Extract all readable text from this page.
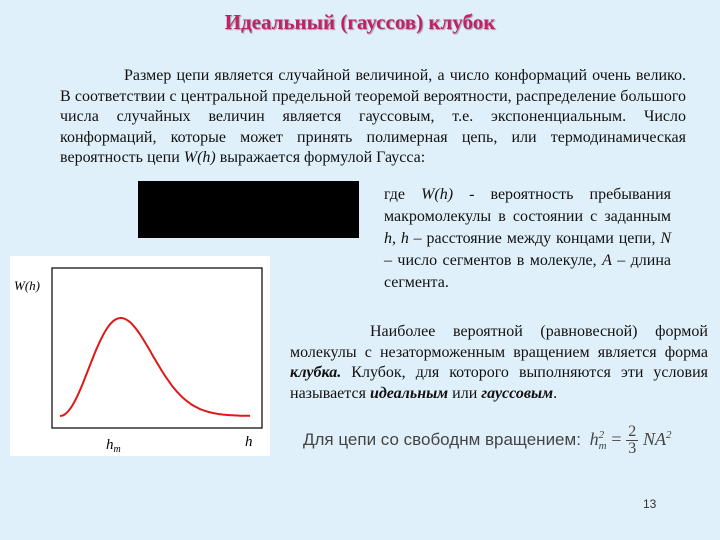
Идеальный (гауссов) клубок
Размер цепи является случайной величиной, а число конформаций очень велико. В соответствии с центральной предельной теоремой вероятности, распределение большого числа случайных величин является гауссовым, т.е. экспоненциальным. Число конформаций, которые может принять полимерная цепь, или термодинамическая вероятность цепи W(h) выражается формулой Гаусса:
где W(h) - вероятность пребывания макромолекулы в состоянии с заданным h, h – расстояние между концами цепи, N – число сегментов в молекуле, A – длина сегмента.
W(h)
$h_m$	h
Наиболее вероятной (равновесной) формой молекулы с незаторможенным вращением является форма клубка. Клубок, для которого выполняются эти условия называется идеальным или гауссовым.
Для цепи со свободнм вращением: h 2
$m = \frac{2}{3} NA^2$
13
